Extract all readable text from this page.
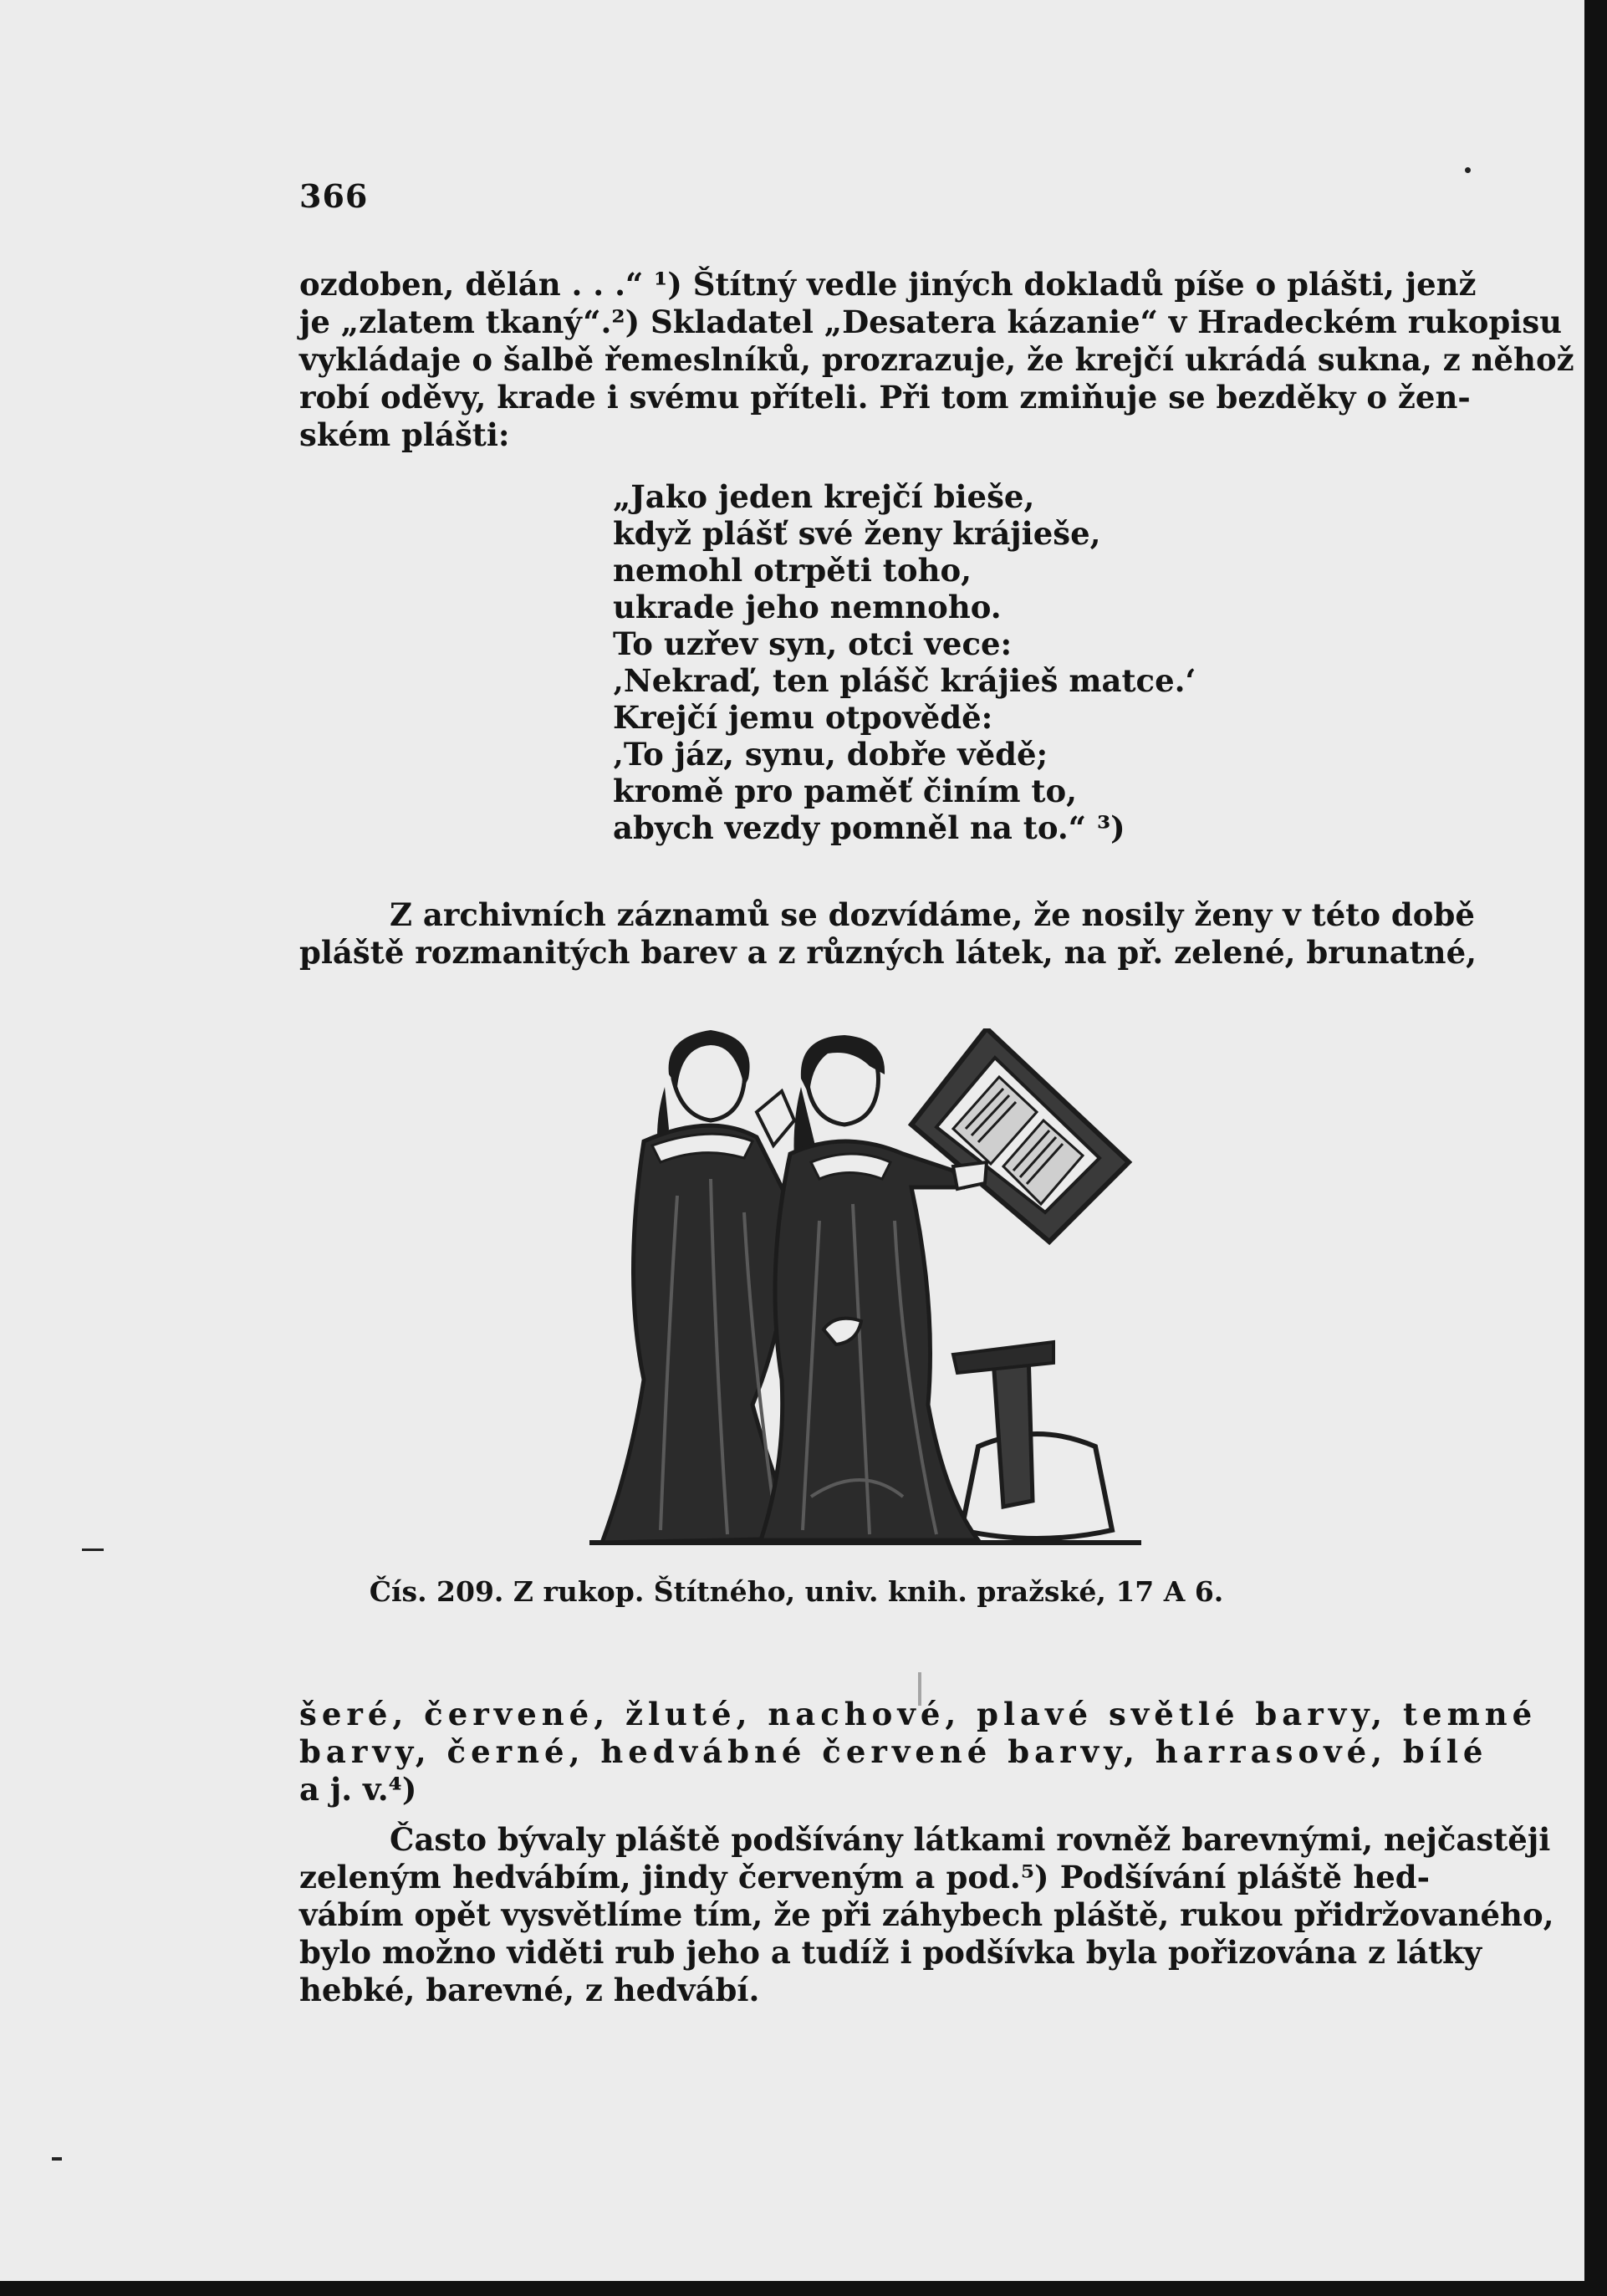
366
ozdoben, dělán . . .“ ¹) Štítný vedle jiných dokladů píše o plášti, jenž
je „zlatem tkaný“.²) Skladatel „Desatera kázanie“ v Hradeckém rukopisu
vykládaje o šalbě řemeslníků, prozrazuje, že krejčí ukrádá sukna, z něhož
robí oděvy, krade i svému příteli. Při tom zmiňuje se bezděky o žen-
ském plášti:
„Jako jeden krejčí bieše,
když plášť své ženy krájieše,
nemohl otrpěti toho,
ukrade jeho nemnoho.
To uzřev syn, otci vece:
‚Nekraď, ten plášč krájieš matce.‘
Krejčí jemu otpovědě:
‚To jáz, synu, dobře vědě;
kromě pro paměť činím to,
abych vezdy pomněl na to.“ ³)
Z archivních záznamů se dozvídáme, že nosily ženy v této době
pláště rozmanitých barev a z různých látek, na př. zelené, brunatné,
Čís. 209. Z rukop. Štítného, univ. knih. pražské, 17 A 6.
šeré, červené, žluté, nachové, plavé světlé barvy, temné
barvy, černé, hedvábné červené barvy, harrasové, bílé
a j. v.⁴)
Často bývaly pláště podšívány látkami rovněž barevnými, nejčastěji
zeleným hedvábím, jindy červeným a pod.⁵) Podšívání pláště hed-
vábím opět vysvětlíme tím, že při záhybech pláště, rukou přidržovaného,
bylo možno viděti rub jeho a tudíž i podšívka byla pořizována z látky
hebké, barevné, z hedvábí.
